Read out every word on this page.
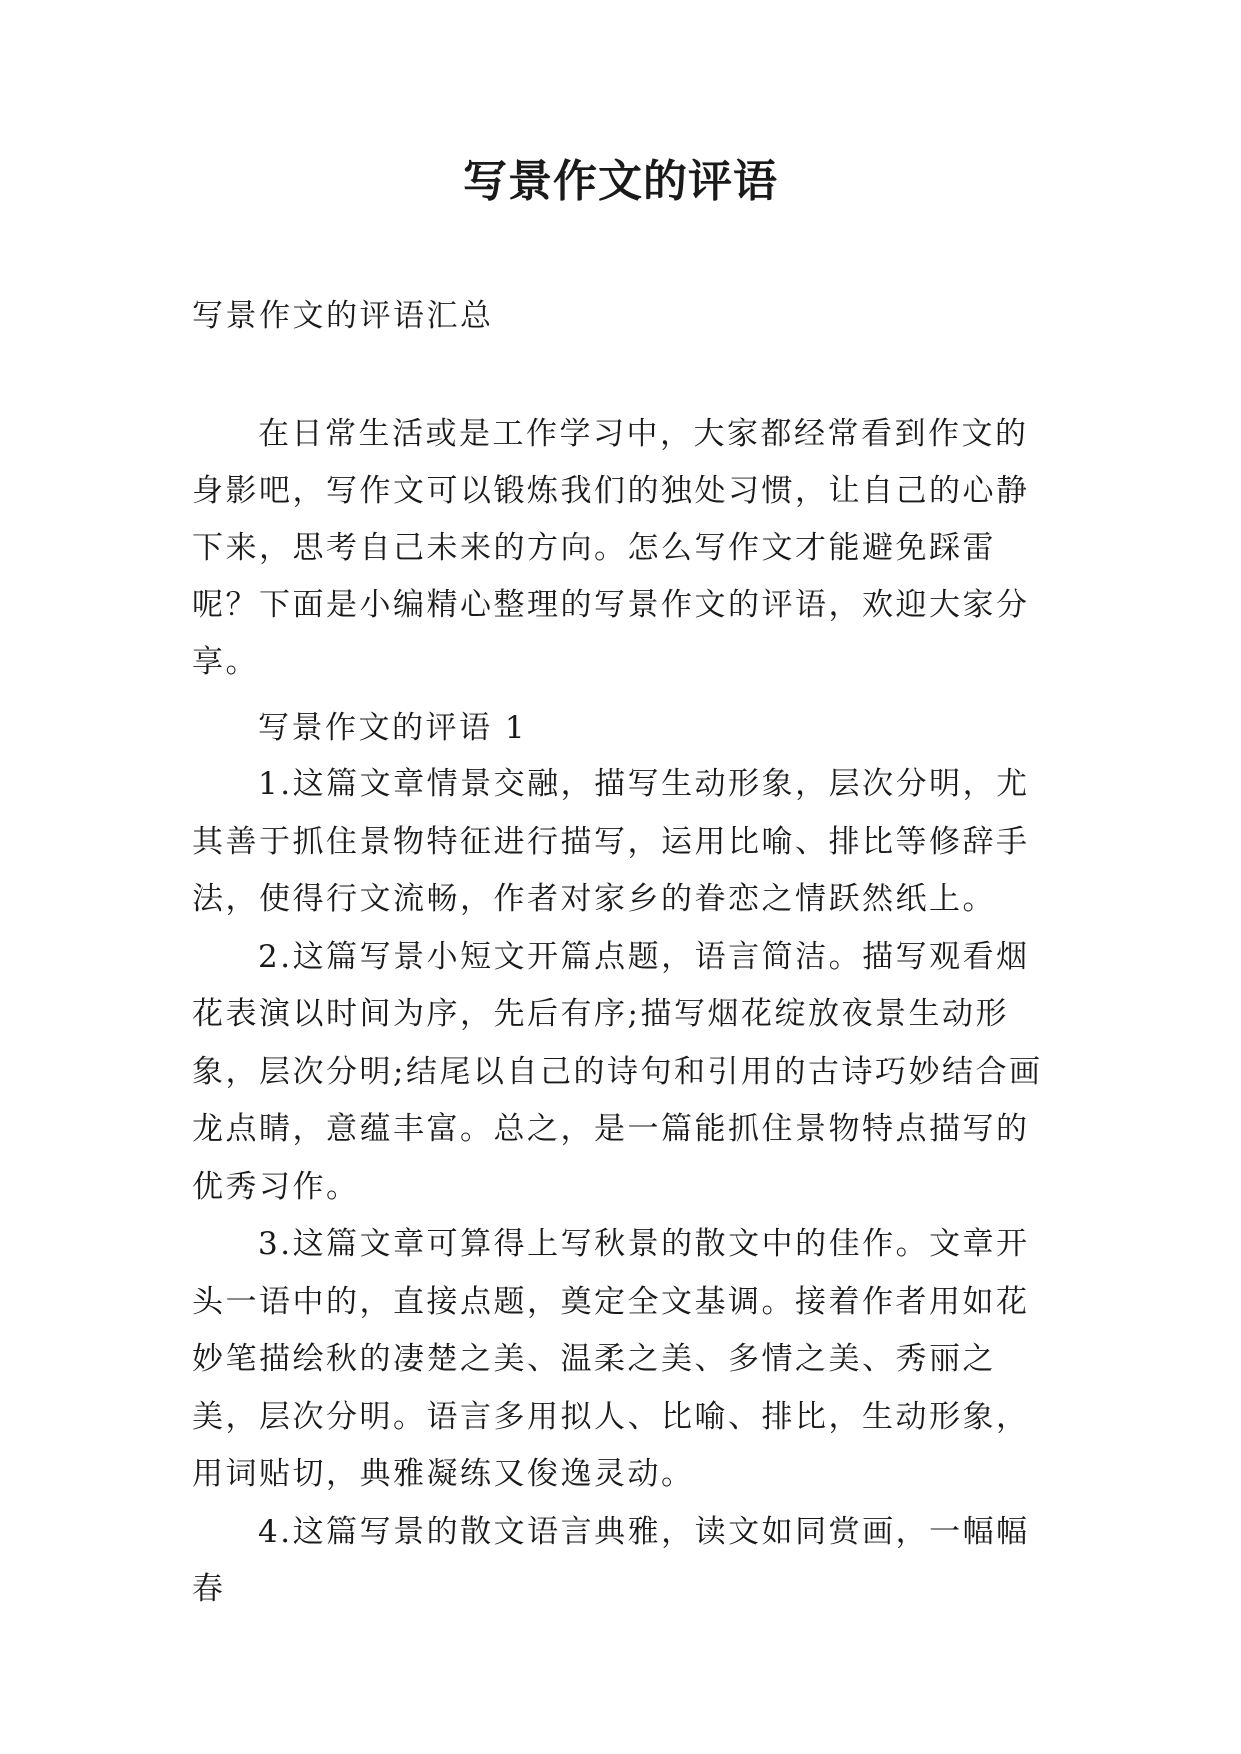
写景作文的评语

写景作文的评语汇总

在日常生活或是工作学习中，大家都经常看到作文的身影吧，写作文可以锻炼我们的独处习惯，让自己的心静下来，思考自己未来的方向。怎么写作文才能避免踩雷呢？下面是小编精心整理的写景作文的评语，欢迎大家分享。

写景作文的评语 1

1.这篇文章情景交融，描写生动形象，层次分明，尤其善于抓住景物特征进行描写，运用比喻、排比等修辞手法，使得行文流畅，作者对家乡的眷恋之情跃然纸上。

2.这篇写景小短文开篇点题，语言简洁。描写观看烟花表演以时间为序，先后有序;描写烟花绽放夜景生动形象，层次分明;结尾以自己的诗句和引用的古诗巧妙结合画龙点睛，意蕴丰富。总之，是一篇能抓住景物特点描写的优秀习作。

3.这篇文章可算得上写秋景的散文中的佳作。文章开头一语中的，直接点题，奠定全文基调。接着作者用如花妙笔描绘秋的凄楚之美、温柔之美、多情之美、秀丽之美，层次分明。语言多用拟人、比喻、排比，生动形象，用词贴切，典雅凝练又俊逸灵动。

4.这篇写景的散文语言典雅，读文如同赏画，一幅幅春
